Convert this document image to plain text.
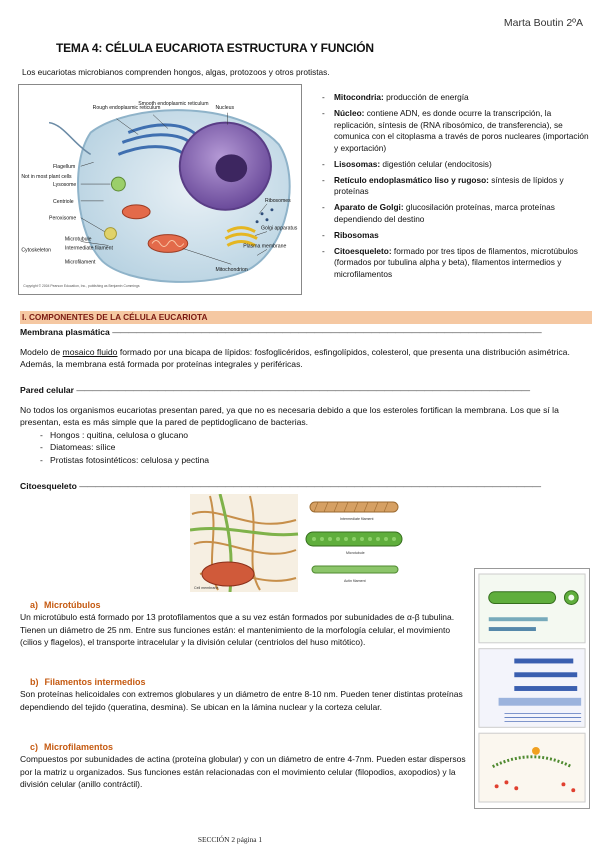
Marta Boutin 2ºA
TEMA 4: CÉLULA EUCARIOTA ESTRUCTURA Y FUNCIÓN
Los eucariotas microbianos comprenden hongos, algas, protozoos y otros protistas.
Rough endoplasmic reticulum
Smooth endoplasmic reticulum
Nucleus
Flagellum
Not in most plant cells
Lysosome
Centriole
Peroxisome
Ribosomes
Golgi apparatus
Plasma membrane
Cytoskeleton
Microtubule
Intermediate filament
Microfilament
Mitochondrion
Copyright © 2004 Pearson Education, Inc., publishing as Benjamin Cummings
- Mitocondria: producción de energía
- Núcleo: contiene ADN, es donde ocurre la transcripción, la replicación, síntesis de (RNA ribosómico, de transferencia), se comunica con el citoplasma a través de poros nucleares (importación y exportación)
- Lisosomas: digestión celular (endocitosis)
- Retículo endoplasmático liso y rugoso: síntesis de lípidos y proteínas
- Aparato de Golgi: glucosilación proteínas, marca proteínas dependiendo del destino
- Ribosomas
- Citoesqueleto: formado por tres tipos de filamentos, microtúbulos (formados por tubulina alpha y beta), filamentos intermedios y microfilamentos
I. COMPONENTES DE LA CÉLULA EUCARIOTA
Membrana plasmática —————————————————————————————————————————————————————
Modelo de mosaico fluido formado por una bicapa de lípidos: fosfoglicéridos, esfingolípidos, colesterol, que presenta una distribución asimétrica. Además, la membrana está formada por proteínas integrales y periféricas.
Pared celular ————————————————————————————————————————————————————————
No todos los organismos eucariotas presentan pared, ya que no es necesaria debido a que los esteroles fortifican la membrana. Los que sí la presentan, esta es más simple que la pared de peptidoglicano de bacterias.
- Hongos : quitina, celulosa o glucano
- Diatomeas: sílice
- Protistas fotosintéticos: celulosa y pectina
Citoesqueleto —————————————————————————————————————————————————————————
Intermediate filament
Microtubule
Actin filament
Cell membrane
a) Microtúbulos
Un microtúbulo está formado por 13 protofilamentos que a su vez están formados por subunidades de α-β tubulina. Tienen un diámetro de 25 nm. Entre sus funciones están: el mantenimiento de la morfología celular, el movimiento (cilios y flagelos), el transporte intracelular y la división celular (centriolos del huso mitótico).
b) Filamentos intermedios
Son proteínas helicoidales con extremos globulares y un diámetro de entre 8-10 nm. Pueden tener distintas proteínas dependiendo del tejido (queratina, desmina). Se ubican en la lámina nuclear y la corteza celular.
c) Microfilamentos
Compuestos por subunidades de actina (proteína globular) y con un diámetro de entre 4-7nm. Pueden estar dispersos por la matriz u organizados. Sus funciones están relacionadas con el movimiento celular (filopodios, axopodios) y la división celular (anillo contráctil).
SECCIÓN 2 página 1
